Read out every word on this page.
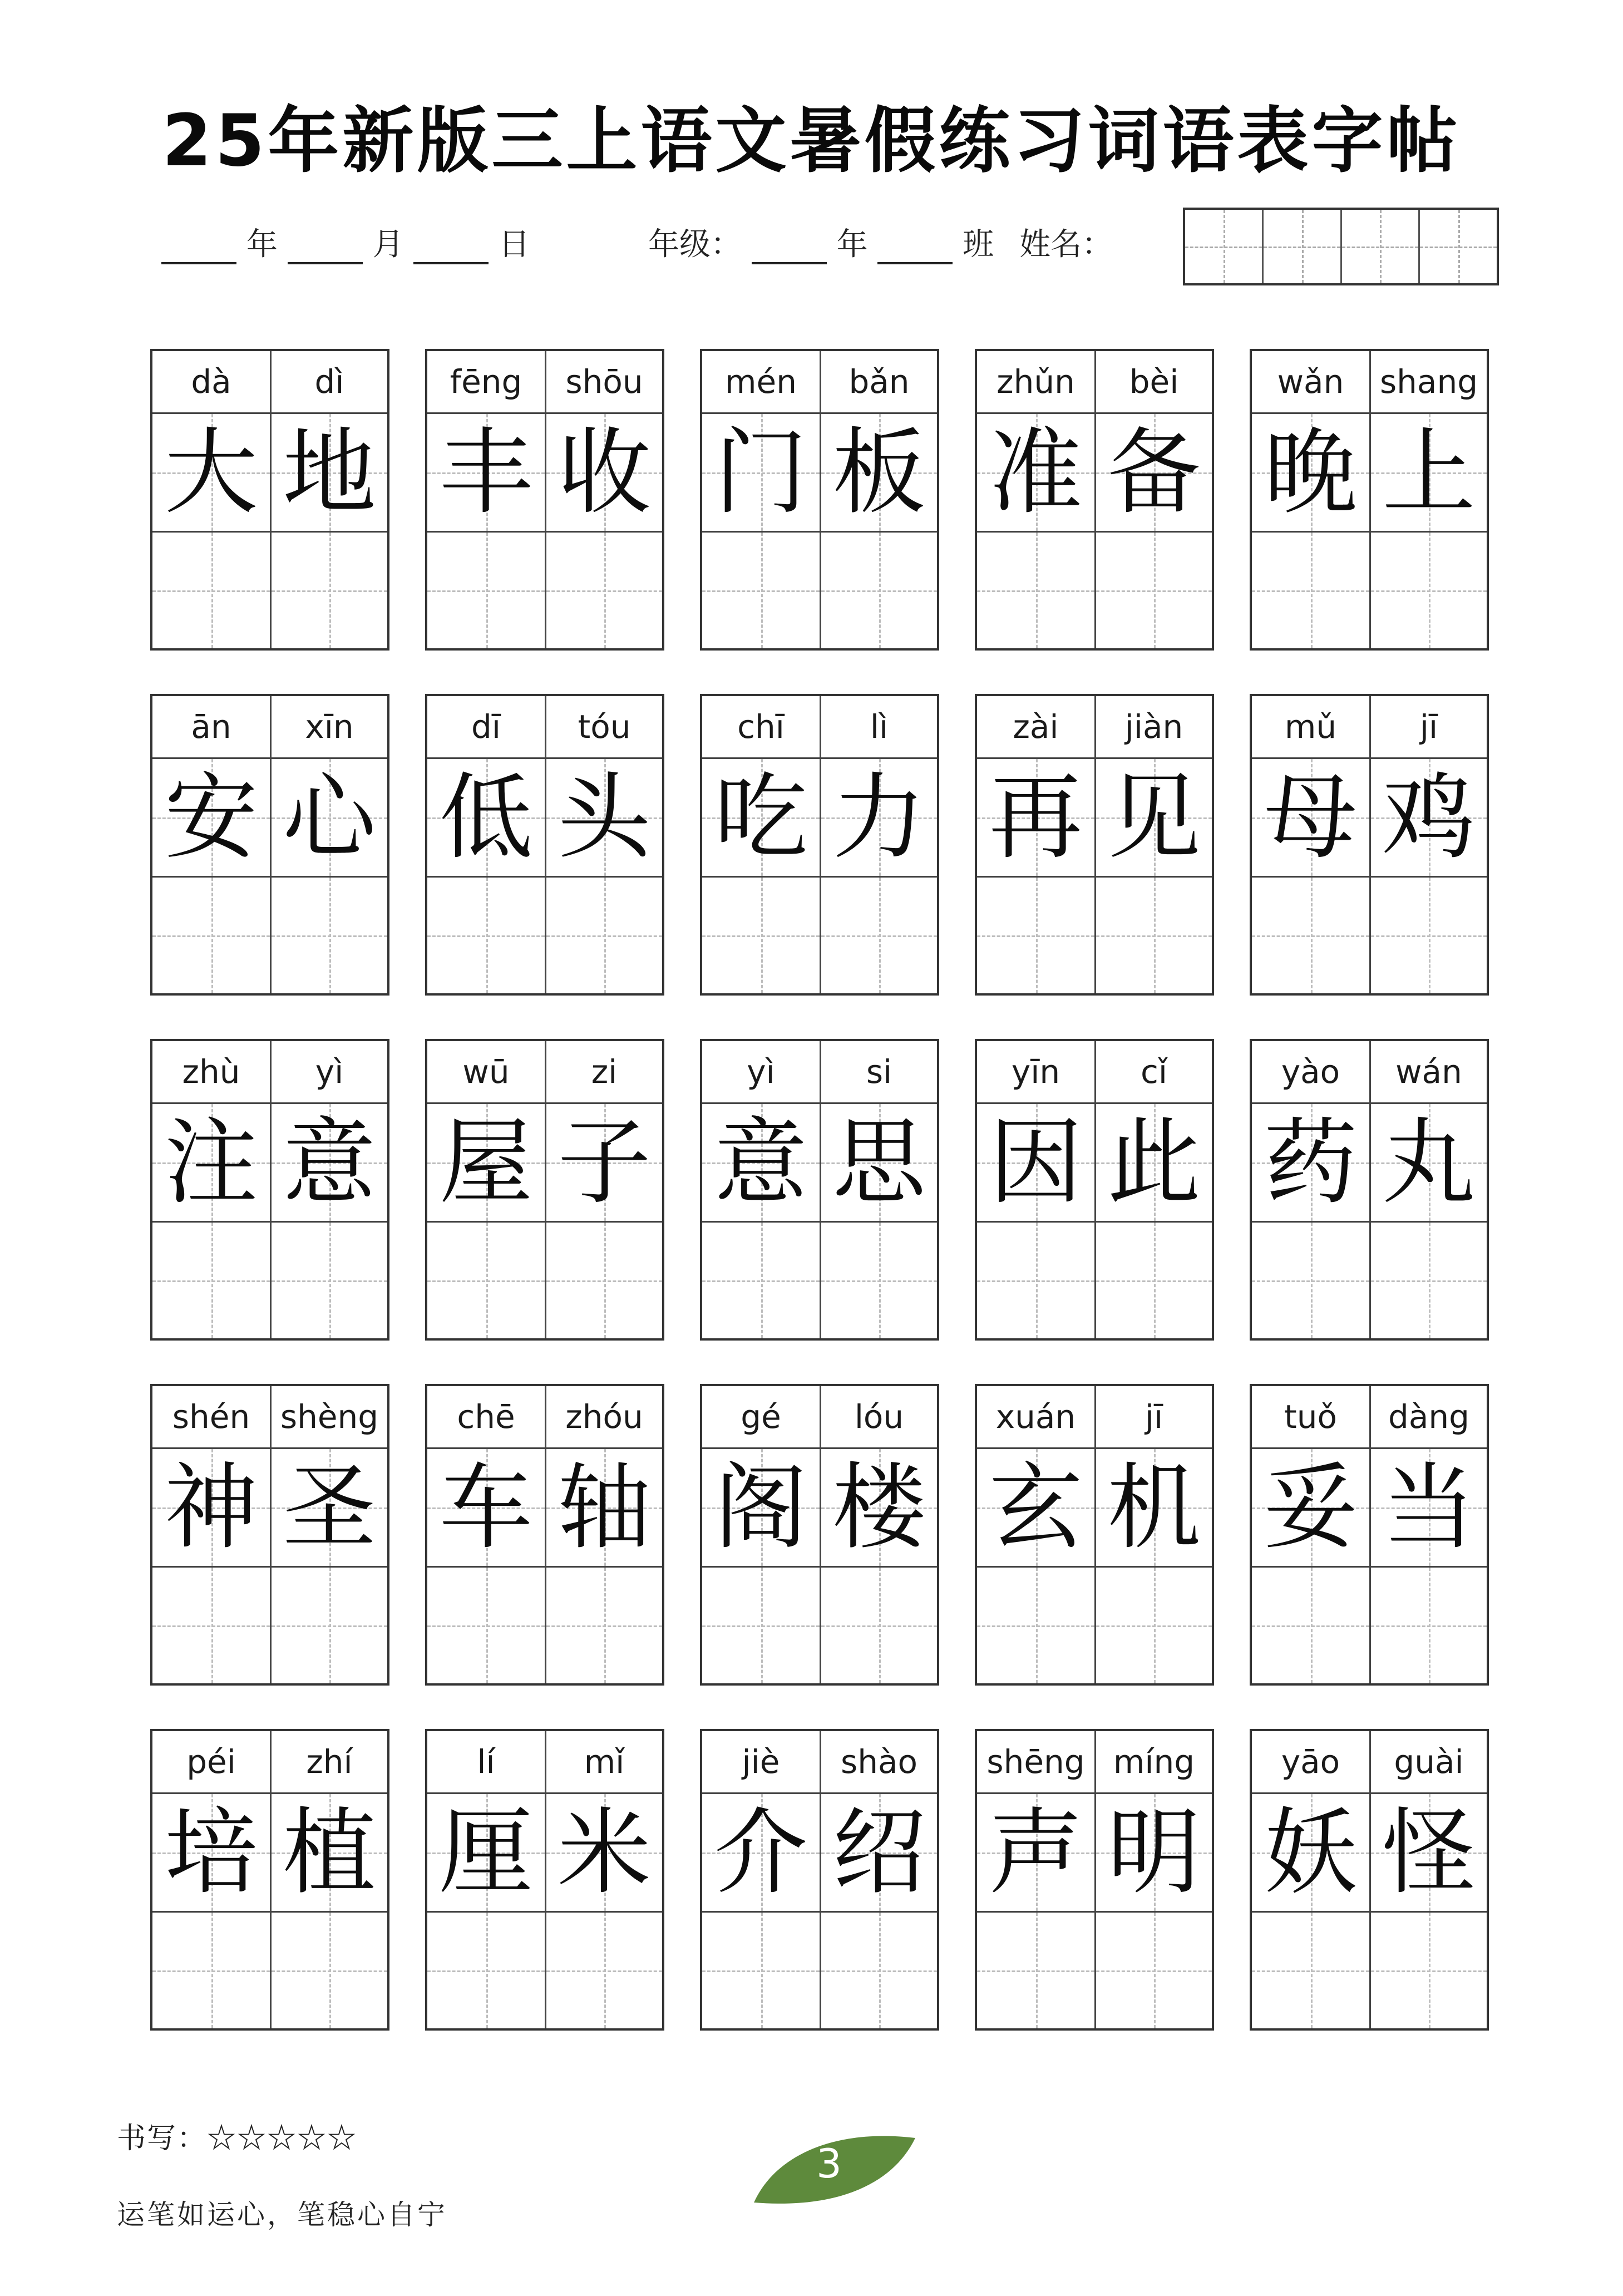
25年新版三上语文暑假练习词语表字帖
年	月	日	年级：	年	班 姓名：
dà	dì
大 地
fēng	shōu
丰 收
mén	bǎn
门 板
zhǔn	bèi
准 备
wǎn	shang
晚 上
ān	xīn
安 心
dī	tóu
低 头
chī	lì
吃 力
zài	jiàn
再 见
mǔ	jī
母 鸡
zhù	yì
注 意
wū	zi
屋 子
yì	si
意 思
yīn	cǐ
因 此
yào	wán
药 丸
shén shèng
神 圣
chē	zhóu
车 轴
gé	lóu
阁 楼
xuán	jī
玄 机
tuǒ	dàng
妥 当
péi	zhí
培 植
lí	mǐ
厘 米
jiè	shào
介 绍
shēng míng
声 明
yāo	guài
妖 怪
书写：☆☆☆☆☆
运笔如运心，笔稳心自宁
3
